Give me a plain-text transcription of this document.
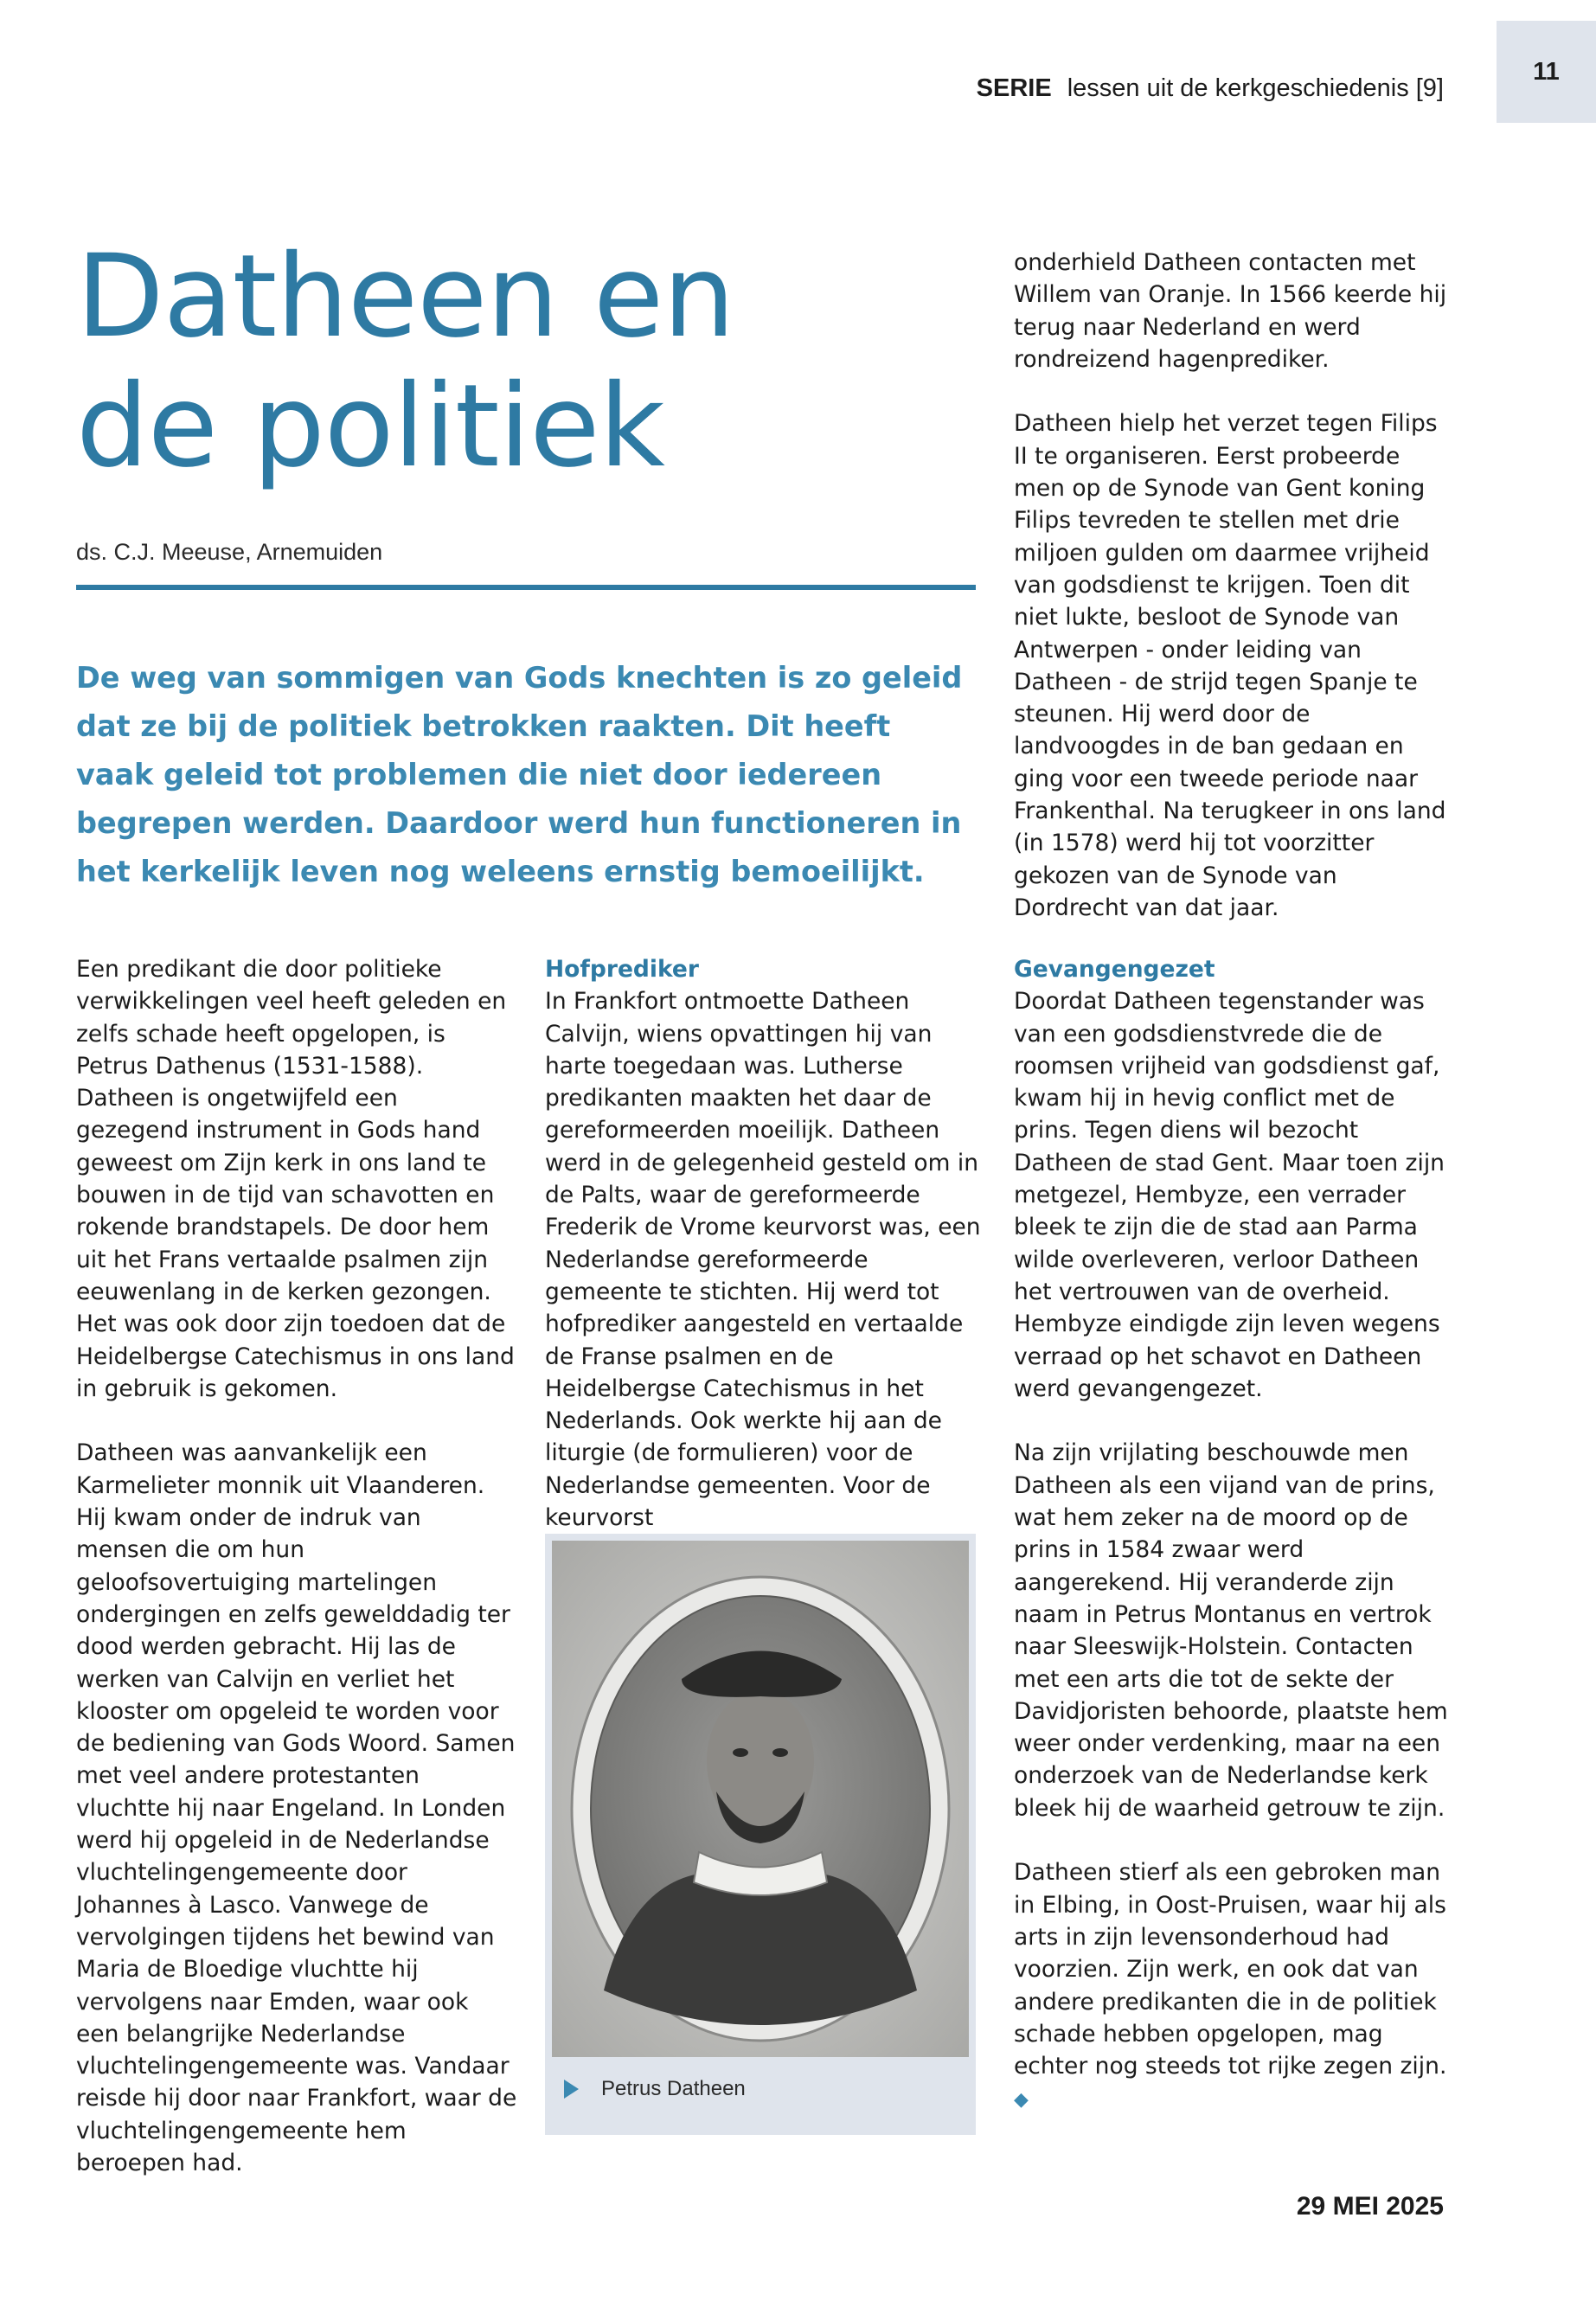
11
SERIE lessen uit de kerkgeschiedenis [9]
Datheen en
de politiek
ds. C.J. Meeuse, Arnemuiden
De weg van sommigen van Gods knechten is zo geleid dat ze bij de politiek betrokken raakten. Dit heeft vaak geleid tot problemen die niet door iedereen begrepen werden. Daardoor werd hun functioneren in het kerkelijk leven nog weleens ernstig bemoeilijkt.

Een predikant die door politieke verwikkelingen veel heeft geleden en zelfs schade heeft opgelopen, is Petrus Dathenus (1531-1588). Datheen is ongetwijfeld een gezegend instrument in Gods hand geweest om Zijn kerk in ons land te bouwen in de tijd van schavotten en rokende brandstapels. De door hem uit het Frans vertaalde psalmen zijn eeuwenlang in de kerken gezongen. Het was ook door zijn toedoen dat de Heidelbergse Catechismus in ons land in gebruik is gekomen.

Datheen was aanvankelijk een Karmelieter monnik uit Vlaanderen. Hij kwam onder de indruk van mensen die om hun geloofsovertuiging martelingen ondergingen en zelfs gewelddadig ter dood werden gebracht. Hij las de werken van Calvijn en verliet het klooster om opgeleid te worden voor de bediening van Gods Woord. Samen met veel andere protestanten vluchtte hij naar Engeland. In Londen werd hij opgeleid in de Nederlandse vluchtelingengemeente door Johannes à Lasco. Vanwege de vervolgingen tijdens het bewind van Maria de Bloedige vluchtte hij vervolgens naar Emden, waar ook een belangrijke Nederlandse vluchtelingengemeente was. Vandaar reisde hij door naar Frankfort, waar de vluchtelingengemeente hem beroepen had.

Hofprediker

In Frankfort ontmoette Datheen Calvijn, wiens opvattingen hij van harte toegedaan was. Lutherse predikanten maakten het daar de gereformeerden moeilijk. Datheen werd in de gelegenheid gesteld om in de Palts, waar de gereformeerde Frederik de Vrome keurvorst was, een Nederlandse gereformeerde gemeente te stichten. Hij werd tot hofprediker aangesteld en vertaalde de Franse psalmen en de Heidelbergse Catechismus in het Nederlands. Ook werkte hij aan de liturgie (de formulieren) voor de Nederlandse gemeenten. Voor de keurvorst

Petrus Datheen

onderhield Datheen contacten met Willem van Oranje. In 1566 keerde hij terug naar Nederland en werd rondreizend hagenprediker.

Datheen hielp het verzet tegen Filips II te organiseren. Eerst probeerde men op de Synode van Gent koning Filips tevreden te stellen met drie miljoen gulden om daarmee vrijheid van godsdienst te krijgen. Toen dit niet lukte, besloot de Synode van Antwerpen - onder leiding van Datheen - de strijd tegen Spanje te steunen. Hij werd door de landvoogdes in de ban gedaan en ging voor een tweede periode naar Frankenthal. Na terugkeer in ons land (in 1578) werd hij tot voorzitter gekozen van de Synode van Dordrecht van dat jaar.

Gevangengezet

Doordat Datheen tegenstander was van een godsdienstvrede die de roomsen vrijheid van godsdienst gaf, kwam hij in hevig conflict met de prins. Tegen diens wil bezocht Datheen de stad Gent. Maar toen zijn metgezel, Hembyze, een verrader bleek te zijn die de stad aan Parma wilde overleveren, verloor Datheen het vertrouwen van de overheid. Hembyze eindigde zijn leven wegens verraad op het schavot en Datheen werd gevangengezet.

Na zijn vrijlating beschouwde men Datheen als een vijand van de prins, wat hem zeker na de moord op de prins in 1584 zwaar werd aangerekend. Hij veranderde zijn naam in Petrus Montanus en vertrok naar Sleeswijk-Holstein. Contacten met een arts die tot de sekte der Davidjoristen behoorde, plaatste hem weer onder verdenking, maar na een onderzoek van de Nederlandse kerk bleek hij de waarheid getrouw te zijn.

Datheen stierf als een gebroken man in Elbing, in Oost-Pruisen, waar hij als arts in zijn levensonderhoud had voorzien. Zijn werk, en ook dat van andere predikanten die in de politiek schade hebben opgelopen, mag echter nog steeds tot rijke zegen zijn. ◆

29 MEI 2025
